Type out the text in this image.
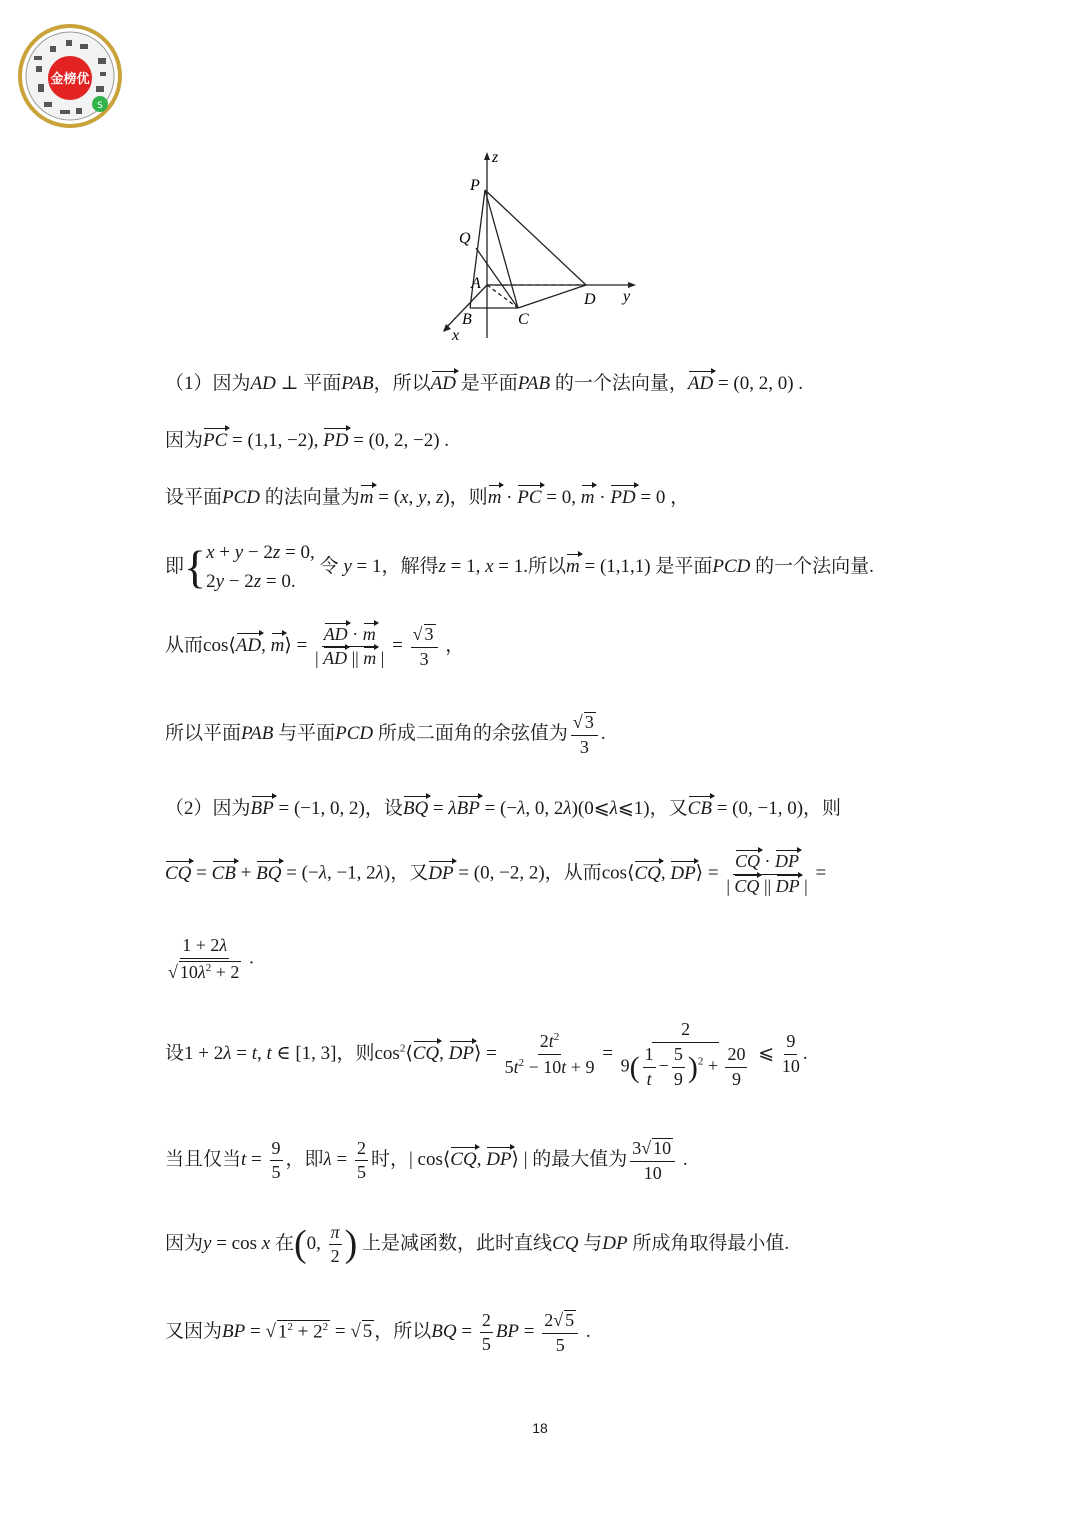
金榜优
S
z
P
Q
A
B	C
D y
x
（1）因为AD ⊥ 平面PAB，所以AD 是平面PAB 的一个法向量，AD = (0, 2, 0) .
因为PC = (1,1, −2), PD = (0, 2, −2) .
设平面PCD 的法向量为m = (x, y, z)，则m · PC = 0, m · PD = 0 ，
即{ x + y − 2z = 0,
2y − 2z = 0.
令 y = 1，解得z = 1, x = 1.所以m = (1,1,1) 是平面PCD 的一个法向量.
从而cos⟨AD, m⟩ = $\frac{AD \cdot m}{| AD || m |}$ = √ $\frac{3}{3}$ ，
所以平面PAB 与平面PCD 所成二面角的余弦值为 √ $\frac{3}{3}$ .
（2）因为BP = (−1, 0, 2)，设BQ = λBP = (−λ, 0, 2λ)(0⩽λ⩽1)，又CB = (0, −1, 0)，则
CQ = CB + BQ = (−λ, −1, 2λ)，又DP = (0, −2, 2)，从而cos⟨CQ, DP⟩ = $\frac{CQ \cdot DP}{| CQ || DP |}$ =
1 + 2λ
√ $10\lambda^2 + 2$ .
设1 + 2λ = t, t ∈ [1, 3]，则$\cos^2⟨CQ$, DP⟩ = $\frac{2t^2}{5t^2 - 10t + 9} = \frac{2}{9( \frac{1}{t} - \frac{5}{9} )^2 + \frac{20}{9}}$ ⩽ $\frac{9}{10}$ .
当且仅当$t = \frac{9}{5}$ ，即$\lambda = \frac{2}{5}$ 时，| cos⟨CQ, DP⟩ | 的最大值为 $\frac{3 √ 10}{10}$ .
因为y = cos x 在(0, $\frac{\pi}{2}$ ) 上是减函数，此时直线CQ 与DP 所成角取得最小值.
又因为BP = √ $1^2 + 2^2$ = √ 5 ，所以BQ = $\frac{2}{5}$ BP = $\frac{2 √ 5}{5}$ .
18
